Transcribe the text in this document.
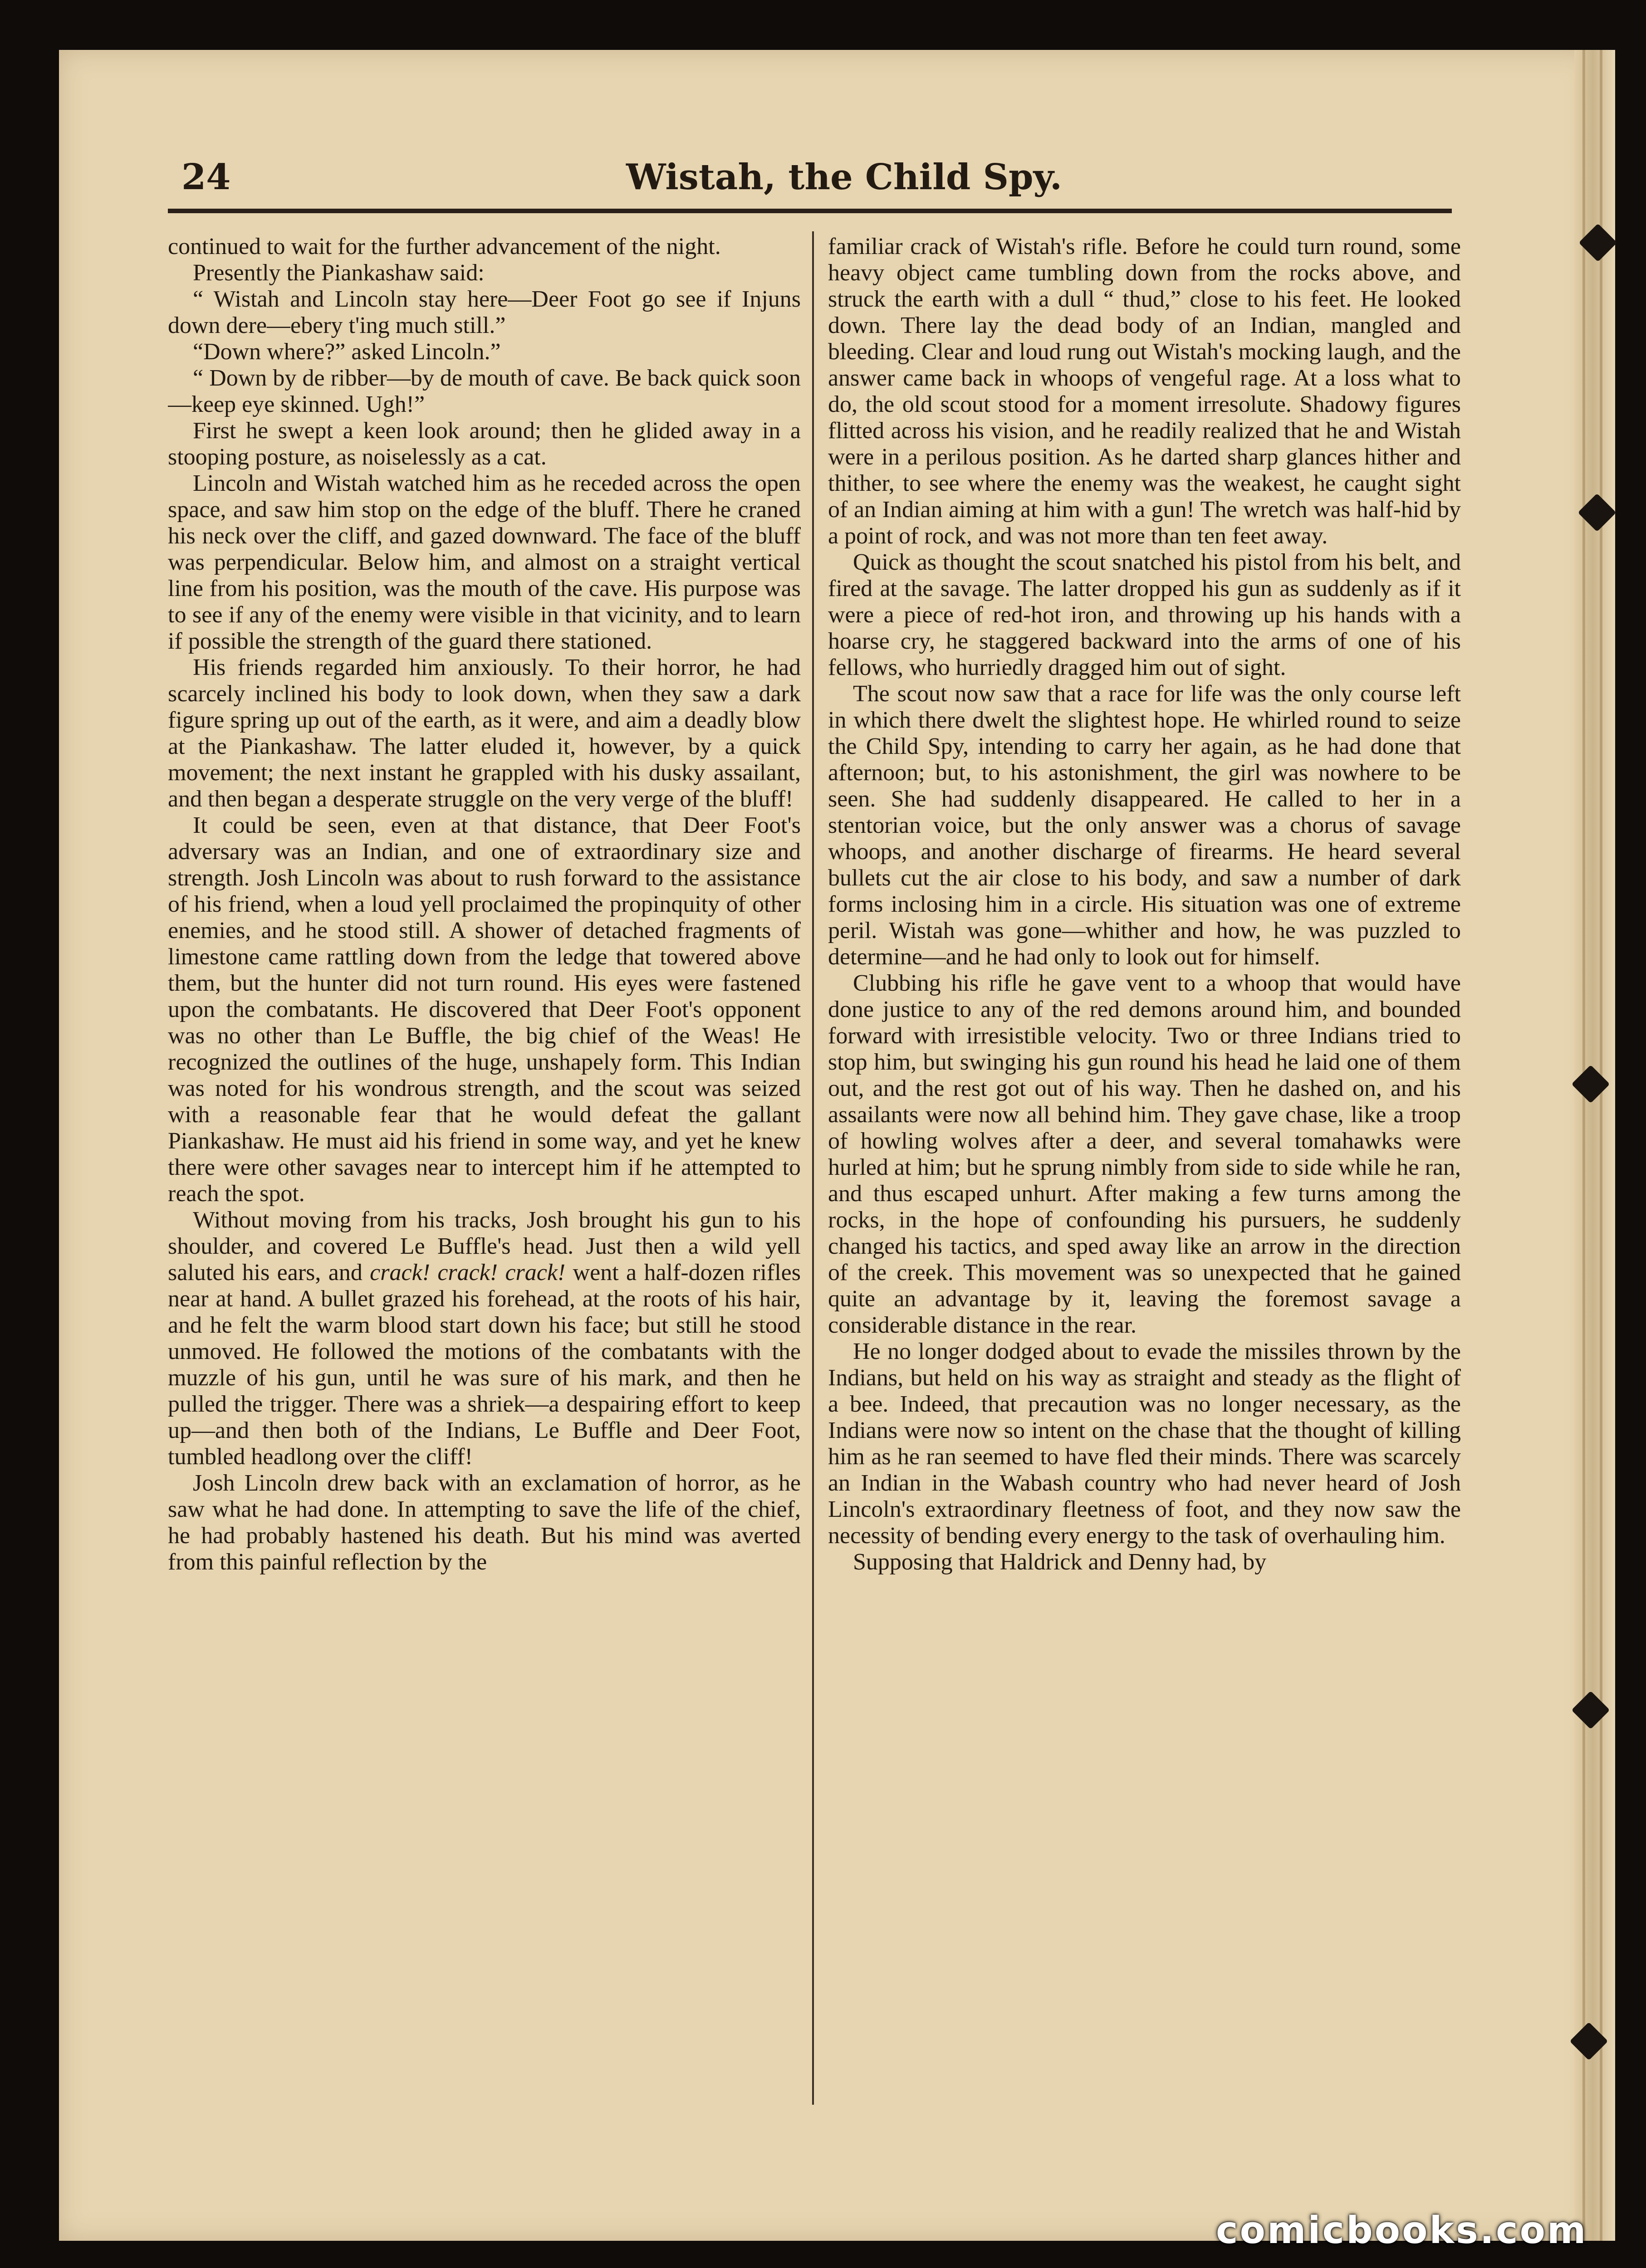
24	Wistah, the Child Spy.

continued to wait for the further advancement of the night.

Presently the Piankashaw said:

“ Wistah and Lincoln stay here—Deer Foot go see if Injuns down dere—ebery t'ing much still.”

“Down where?” asked Lincoln.”

“ Down by de ribber—by de mouth of cave. Be back quick soon—keep eye skinned. Ugh!”

First he swept a keen look around; then he glided away in a stooping posture, as noiselessly as a cat.

Lincoln and Wistah watched him as he receded across the open space, and saw him stop on the edge of the bluff. There he craned his neck over the cliff, and gazed downward. The face of the bluff was perpendicular. Below him, and almost on a straight vertical line from his position, was the mouth of the cave. His purpose was to see if any of the enemy were visible in that vicinity, and to learn if possible the strength of the guard there stationed.

His friends regarded him anxiously. To their horror, he had scarcely inclined his body to look down, when they saw a dark figure spring up out of the earth, as it were, and aim a deadly blow at the Piankashaw. The latter eluded it, however, by a quick movement; the next instant he grappled with his dusky assailant, and then began a desperate struggle on the very verge of the bluff!

It could be seen, even at that distance, that Deer Foot's adversary was an Indian, and one of extraordinary size and strength. Josh Lincoln was about to rush forward to the assistance of his friend, when a loud yell proclaimed the propinquity of other enemies, and he stood still. A shower of detached fragments of limestone came rattling down from the ledge that towered above them, but the hunter did not turn round. His eyes were fastened upon the combatants. He discovered that Deer Foot's opponent was no other than Le Buffle, the big chief of the Weas! He recognized the outlines of the huge, unshapely form. This Indian was noted for his wondrous strength, and the scout was seized with a reasonable fear that he would defeat the gallant Piankashaw. He must aid his friend in some way, and yet he knew there were other savages near to intercept him if he attempted to reach the spot.

Without moving from his tracks, Josh brought his gun to his shoulder, and covered Le Buffle's head. Just then a wild yell saluted his ears, and crack! crack! crack! went a half-dozen rifles near at hand. A bullet grazed his forehead, at the roots of his hair, and he felt the warm blood start down his face; but still he stood unmoved. He followed the motions of the combatants with the muzzle of his gun, until he was sure of his mark, and then he pulled the trigger. There was a shriek—a despairing effort to keep up—and then both of the Indians, Le Buffle and Deer Foot, tumbled headlong over the cliff!

Josh Lincoln drew back with an exclamation of horror, as he saw what he had done. In attempting to save the life of the chief, he had probably hastened his death. But his mind was averted from this painful reflection by the

familiar crack of Wistah's rifle. Before he could turn round, some heavy object came tumbling down from the rocks above, and struck the earth with a dull “ thud,” close to his feet. He looked down. There lay the dead body of an Indian, mangled and bleeding. Clear and loud rung out Wistah's mocking laugh, and the answer came back in whoops of vengeful rage. At a loss what to do, the old scout stood for a moment irresolute. Shadowy figures flitted across his vision, and he readily realized that he and Wistah were in a perilous position. As he darted sharp glances hither and thither, to see where the enemy was the weakest, he caught sight of an Indian aiming at him with a gun! The wretch was half-hid by a point of rock, and was not more than ten feet away.

Quick as thought the scout snatched his pistol from his belt, and fired at the savage. The latter dropped his gun as suddenly as if it were a piece of red-hot iron, and throwing up his hands with a hoarse cry, he staggered backward into the arms of one of his fellows, who hurriedly dragged him out of sight.

The scout now saw that a race for life was the only course left in which there dwelt the slightest hope. He whirled round to seize the Child Spy, intending to carry her again, as he had done that afternoon; but, to his astonishment, the girl was nowhere to be seen. She had suddenly disappeared. He called to her in a stentorian voice, but the only answer was a chorus of savage whoops, and another discharge of firearms. He heard several bullets cut the air close to his body, and saw a number of dark forms inclosing him in a circle. His situation was one of extreme peril. Wistah was gone—whither and how, he was puzzled to determine—and he had only to look out for himself.

Clubbing his rifle he gave vent to a whoop that would have done justice to any of the red demons around him, and bounded forward with irresistible velocity. Two or three Indians tried to stop him, but swinging his gun round his head he laid one of them out, and the rest got out of his way. Then he dashed on, and his assailants were now all behind him. They gave chase, like a troop of howling wolves after a deer, and several tomahawks were hurled at him; but he sprung nimbly from side to side while he ran, and thus escaped unhurt. After making a few turns among the rocks, in the hope of confounding his pursuers, he suddenly changed his tactics, and sped away like an arrow in the direction of the creek. This movement was so unexpected that he gained quite an advantage by it, leaving the foremost savage a considerable distance in the rear.

He no longer dodged about to evade the missiles thrown by the Indians, but held on his way as straight and steady as the flight of a bee. Indeed, that precaution was no longer necessary, as the Indians were now so intent on the chase that the thought of killing him as he ran seemed to have fled their minds. There was scarcely an Indian in the Wabash country who had never heard of Josh Lincoln's extraordinary fleetness of foot, and they now saw the necessity of bending every energy to the task of overhauling him.

Supposing that Haldrick and Denny had, by

comicbooks.com
